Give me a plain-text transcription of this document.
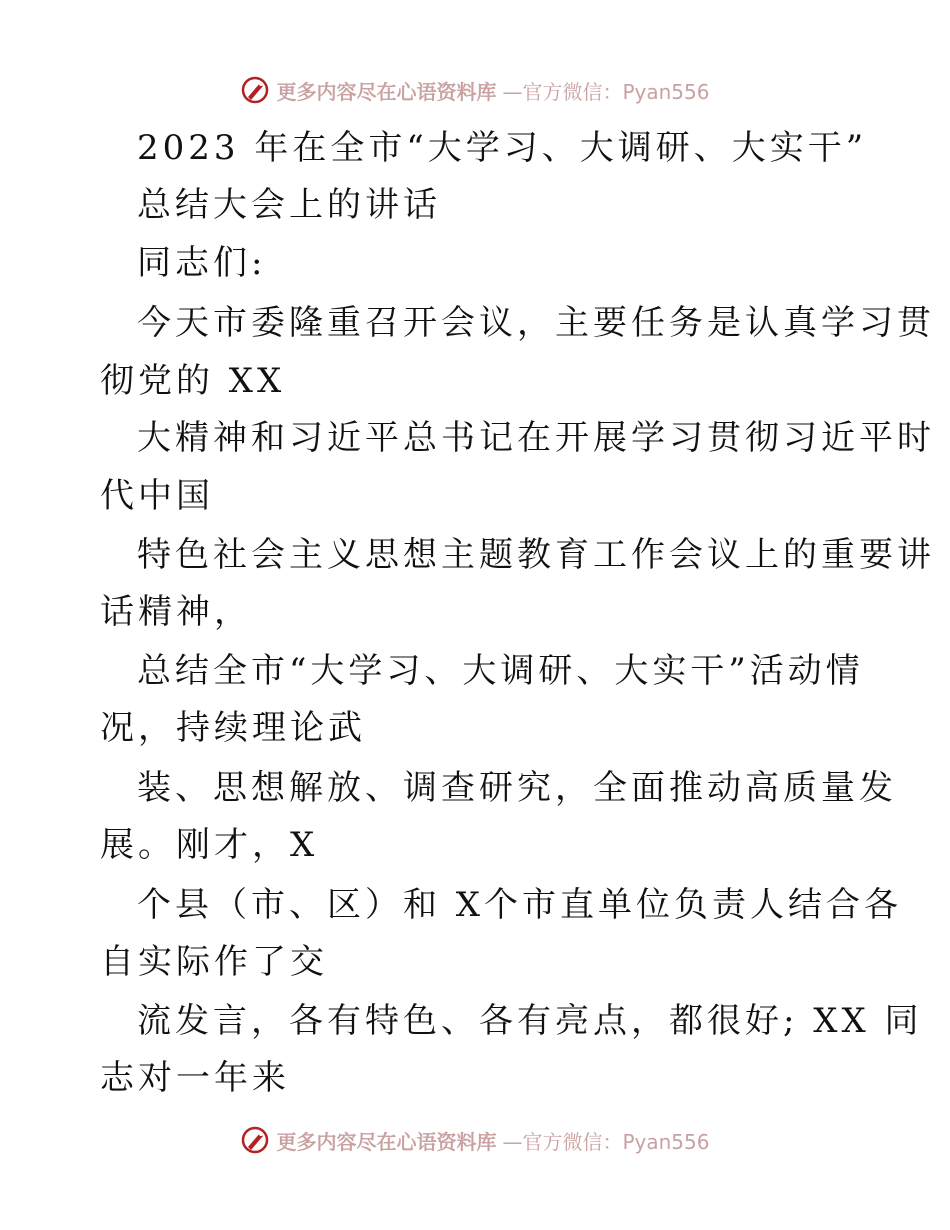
更多内容尽在心语资料库 —官方微信：Pyan556
2023 年在全市“大学习、大调研、大实干”
总结大会上的讲话
同志们:
今天市委隆重召开会议，主要任务是认真学习贯
彻党的 XX
大精神和习近平总书记在开展学习贯彻习近平时
代中国
特色社会主义思想主题教育工作会议上的重要讲
话精神，
总结全市“大学习、大调研、大实干”活动情
况，持续理论武
装、思想解放、调查研究，全面推动高质量发
展。刚才，X
个县（市、区）和 X个市直单位负责人结合各
自实际作了交
流发言，各有特色、各有亮点，都很好; XX 同
志对一年来
更多内容尽在心语资料库 —官方微信：Pyan556
